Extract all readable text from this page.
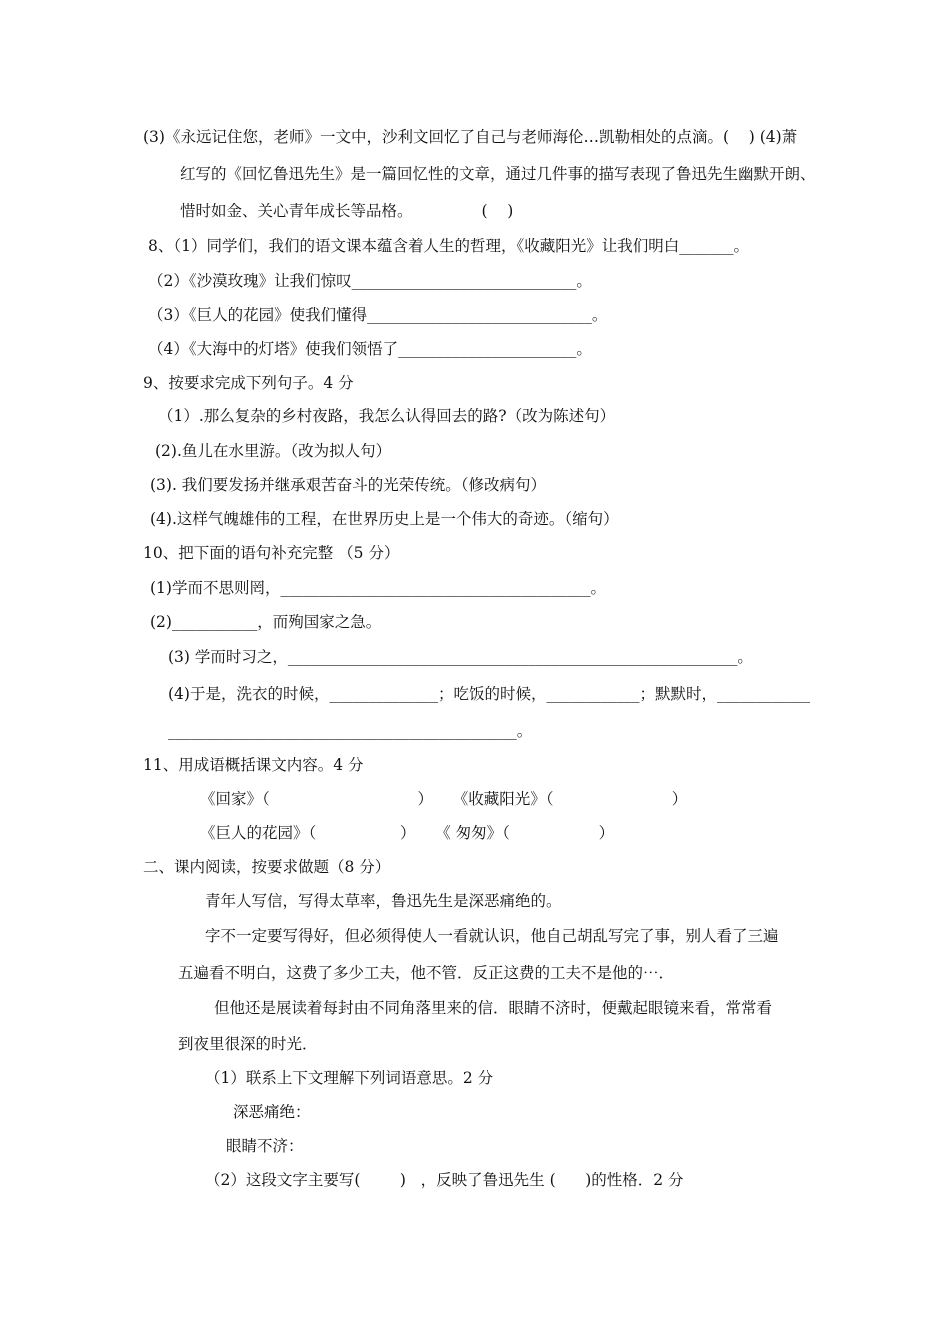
(3)《永远记住您，老师》一文中，沙利文回忆了自己与老师海伦…凯勒相处的点滴。(    ) (4)萧
红写的《回忆鲁迅先生》是一篇回忆性的文章，通过几件事的描写表现了鲁迅先生幽默开朗、
惜时如金、关心青年成长等品格。              (    )
8、（1）同学们，我们的语文课本蕴含着人生的哲理，《收藏阳光》让我们明白_______。
（2）《沙漠玫瑰》让我们惊叹_____________________________。
（3）《巨人的花园》使我们懂得_____________________________。
（4）《大海中的灯塔》使我们领悟了_______________________。
9、按要求完成下列句子。4 分
（1）.那么复杂的乡村夜路，我怎么认得回去的路?（改为陈述句）
(2).鱼儿在水里游。（改为拟人句）
(3). 我们要发扬并继承艰苦奋斗的光荣传统。（修改病句）
(4).这样气魄雄伟的工程，在世界历史上是一个伟大的奇迹。（缩句）
10、把下面的语句补充完整 （5 分）
(1)学而不思则罔，________________________________________。
(2)___________，而殉国家之急。
(3) 学而时习之，__________________________________________________________。
(4)于是，洗衣的时候，______________；吃饭的时候，____________；默默时，____________
_____________________________________________。
11、用成语概括课文内容。4 分
《回家》（                              ）    《收藏阳光》（                        ）
《巨人的花园》（                 ）    《 匆匆》（                  ）
二、课内阅读，按要求做题（8 分）
青年人写信，写得太草率，鲁迅先生是深恶痛绝的。
字不一定要写得好，但必须得使人一看就认识，他自己胡乱写完了事，别人看了三遍
五遍看不明白，这费了多少工夫，他不管．反正这费的工夫不是他的⋯．
但他还是展读着每封由不同角落里来的信．眼睛不济时，便戴起眼镜来看，常常看
到夜里很深的时光．
（1）联系上下文理解下列词语意思。2 分
深恶痛绝：
眼睛不济：
（2）这段文字主要写(        )   ，反映了鲁迅先生 (      )的性格．2 分
